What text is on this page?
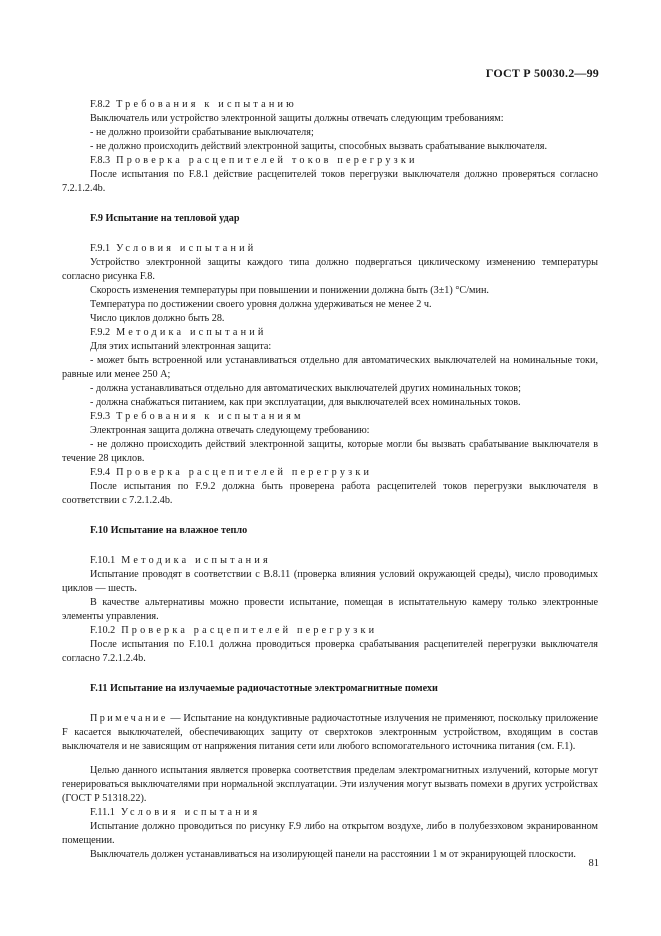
ГОСТ Р 50030.2—99
F.8.2 Требования к испытанию

Выключатель или устройство электронной защиты должны отвечать следующим требованиям:

- не должно произойти срабатывание выключателя;

- не должно происходить действий электронной защиты, способных вызвать срабатывание выключателя.

F.8.3 Проверка расцепителей токов перегрузки

После испытания по F.8.1 действие расцепителей токов перегрузки выключателя должно проверяться согласно 7.2.1.2.4b.

F.9 Испытание на тепловой удар

F.9.1 Условия испытаний

Устройство электронной защиты каждого типа должно подвергаться циклическому изменению температуры согласно рисунка F.8.

Скорость изменения температуры при повышении и понижении должна быть (3±1) °С/мин.

Температура по достижении своего уровня должна удерживаться не менее 2 ч.

Число циклов должно быть 28.

F.9.2 Методика испытаний

Для этих испытаний электронная защита:

- может быть встроенной или устанавливаться отдельно для автоматических выключателей на номинальные токи, равные или менее 250 А;

- должна устанавливаться отдельно для автоматических выключателей других номинальных токов;

- должна снабжаться питанием, как при эксплуатации, для выключателей всех номинальных токов.

F.9.3 Требования к испытаниям

Электронная защита должна отвечать следующему требованию:

- не должно происходить действий электронной защиты, которые могли бы вызвать срабатывание выключателя в течение 28 циклов.

F.9.4 Проверка расцепителей перегрузки

После испытания по F.9.2 должна быть проверена работа расцепителей токов перегрузки выключателя в соответствии с 7.2.1.2.4b.

F.10 Испытание на влажное тепло

F.10.1 Методика испытания

Испытание проводят в соответствии с В.8.11 (проверка влияния условий окружающей среды), число проводимых циклов — шесть.

В качестве альтернативы можно провести испытание, помещая в испытательную камеру только электронные элементы управления.

F.10.2 Проверка расцепителей перегрузки

После испытания по F.10.1 должна проводиться проверка срабатывания расцепителей перегрузки выключателя согласно 7.2.1.2.4b.

F.11 Испытание на излучаемые радиочастотные электромагнитные помехи

Примечание — Испытание на кондуктивные радиочастотные излучения не применяют, поскольку приложение F касается выключателей, обеспечивающих защиту от сверхтоков электронным устройством, входящим в состав выключателя и не зависящим от напряжения питания сети или любого вспомогательного источника питания (см. F.1).

Целью данного испытания является проверка соответствия пределам электромагнитных излучений, которые могут генерироваться выключателями при нормальной эксплуатации. Эти излучения могут вызвать помехи в других устройствах (ГОСТ Р 51318.22).

F.11.1 Условия испытания

Испытание должно проводиться по рисунку F.9 либо на открытом воздухе, либо в полубезэховом экранированном помещении.

Выключатель должен устанавливаться на изолирующей панели на расстоянии 1 м от экранирующей плоскости.

81
